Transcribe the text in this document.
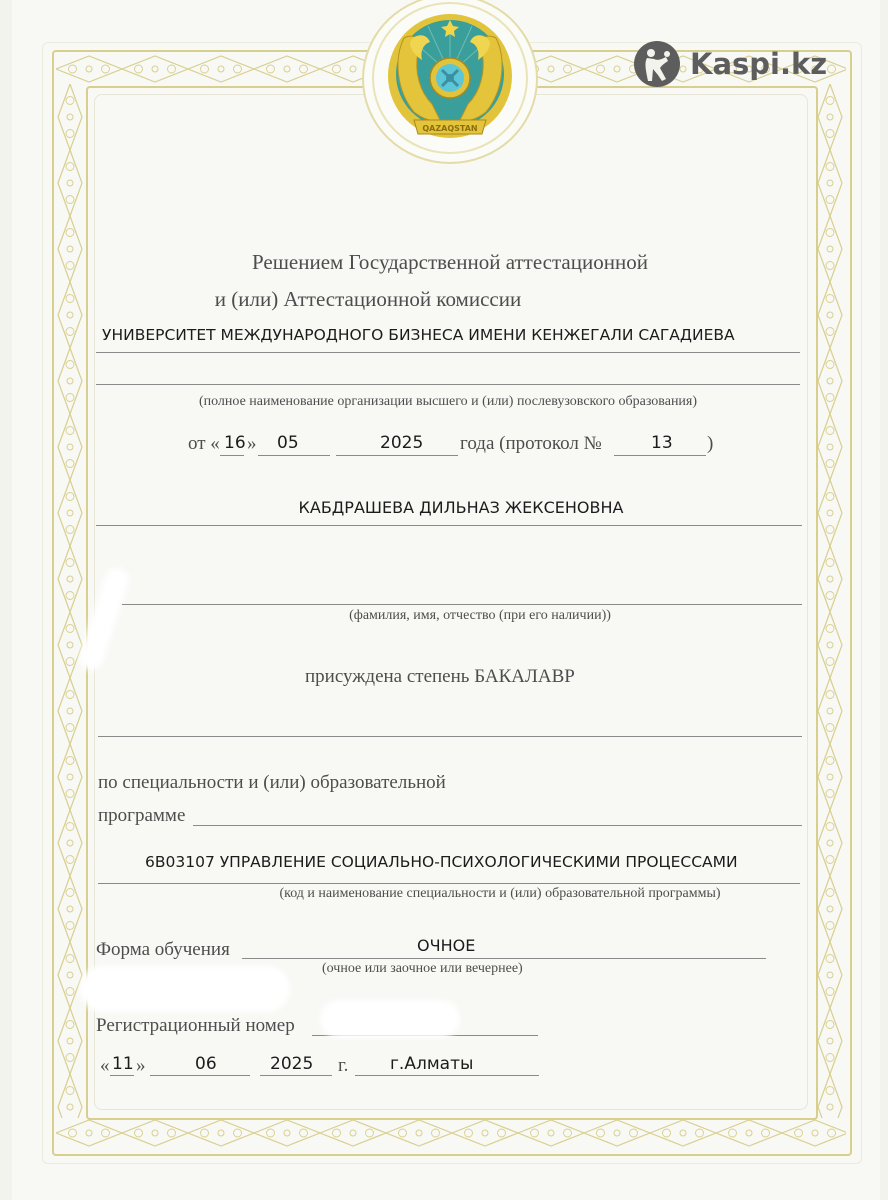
QAZAQSTAN
Kaspi.kz
Решением Государственной аттестационной
и (или) Аттестационной комиссии
УНИВЕРСИТЕТ МЕЖДУНАРОДНОГО БИЗНЕСА ИМЕНИ КЕНЖЕГАЛИ САГАДИЕВА
(полное наименование организации высшего и (или) послевузовского образования)
от « 16 » 05	2025 года (протокол №	13 )
КАБДРАШЕВА ДИЛЬНАЗ ЖЕКСЕНОВНА
(фамилия, имя, отчество (при его наличии))
присуждена степень БАКАЛАВР
по специальности и (или) образовательной
программе
6B03107 УПРАВЛЕНИЕ СОЦИАЛЬНО-ПСИХОЛОГИЧЕСКИМИ ПРОЦЕССАМИ
(код и наименование специальности и (или) образовательной программы)
Форма обучения	ОЧНОЕ
(очное или заочное или вечернее)
Регистрационный номер
« 11 »	06	2025 г. г.Алматы
